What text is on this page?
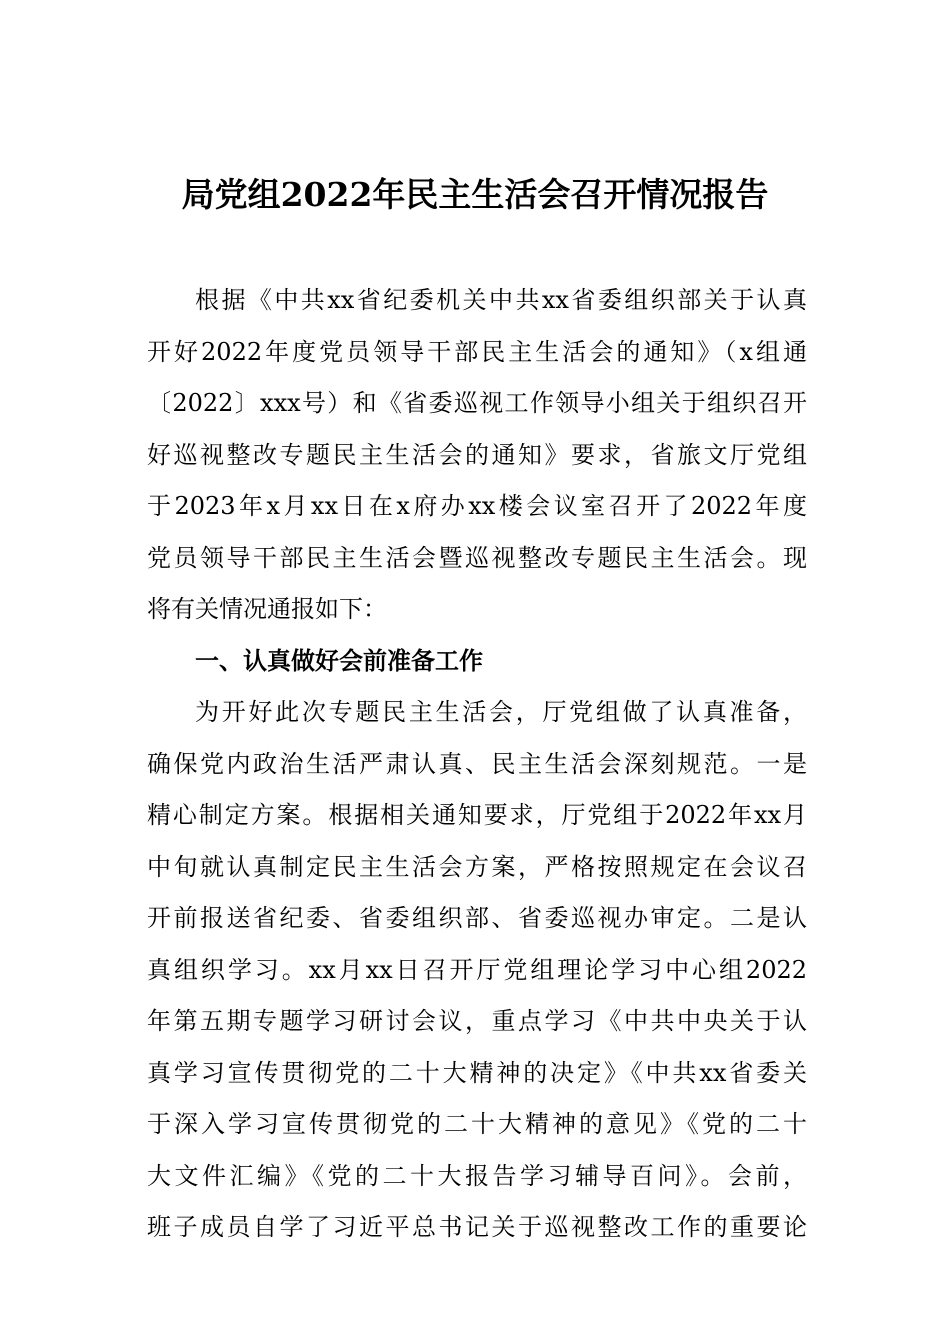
局党组2022年民主生活会召开情况报告
根据《中共xx省纪委机关中共xx省委组织部关于认真
开好2022年度党员领导干部民主生活会的通知》（x组通
〔2022〕xxx号）和《省委巡视工作领导小组关于组织召开
好巡视整改专题民主生活会的通知》要求，省旅文厅党组
于2023年x月xx日在x府办xx楼会议室召开了2022年度
党员领导干部民主生活会暨巡视整改专题民主生活会。现
将有关情况通报如下：
一、认真做好会前准备工作
为开好此次专题民主生活会，厅党组做了认真准备，
确保党内政治生活严肃认真、民主生活会深刻规范。一是
精心制定方案。根据相关通知要求，厅党组于2022年xx月
中旬就认真制定民主生活会方案，严格按照规定在会议召
开前报送省纪委、省委组织部、省委巡视办审定。二是认
真组织学习。xx月xx日召开厅党组理论学习中心组2022
年第五期专题学习研讨会议，重点学习《中共中央关于认
真学习宣传贯彻党的二十大精神的决定》《中共xx省委关
于深入学习宣传贯彻党的二十大精神的意见》《党的二十
大文件汇编》《党的二十大报告学习辅导百问》。会前，
班子成员自学了习近平总书记关于巡视整改工作的重要论
